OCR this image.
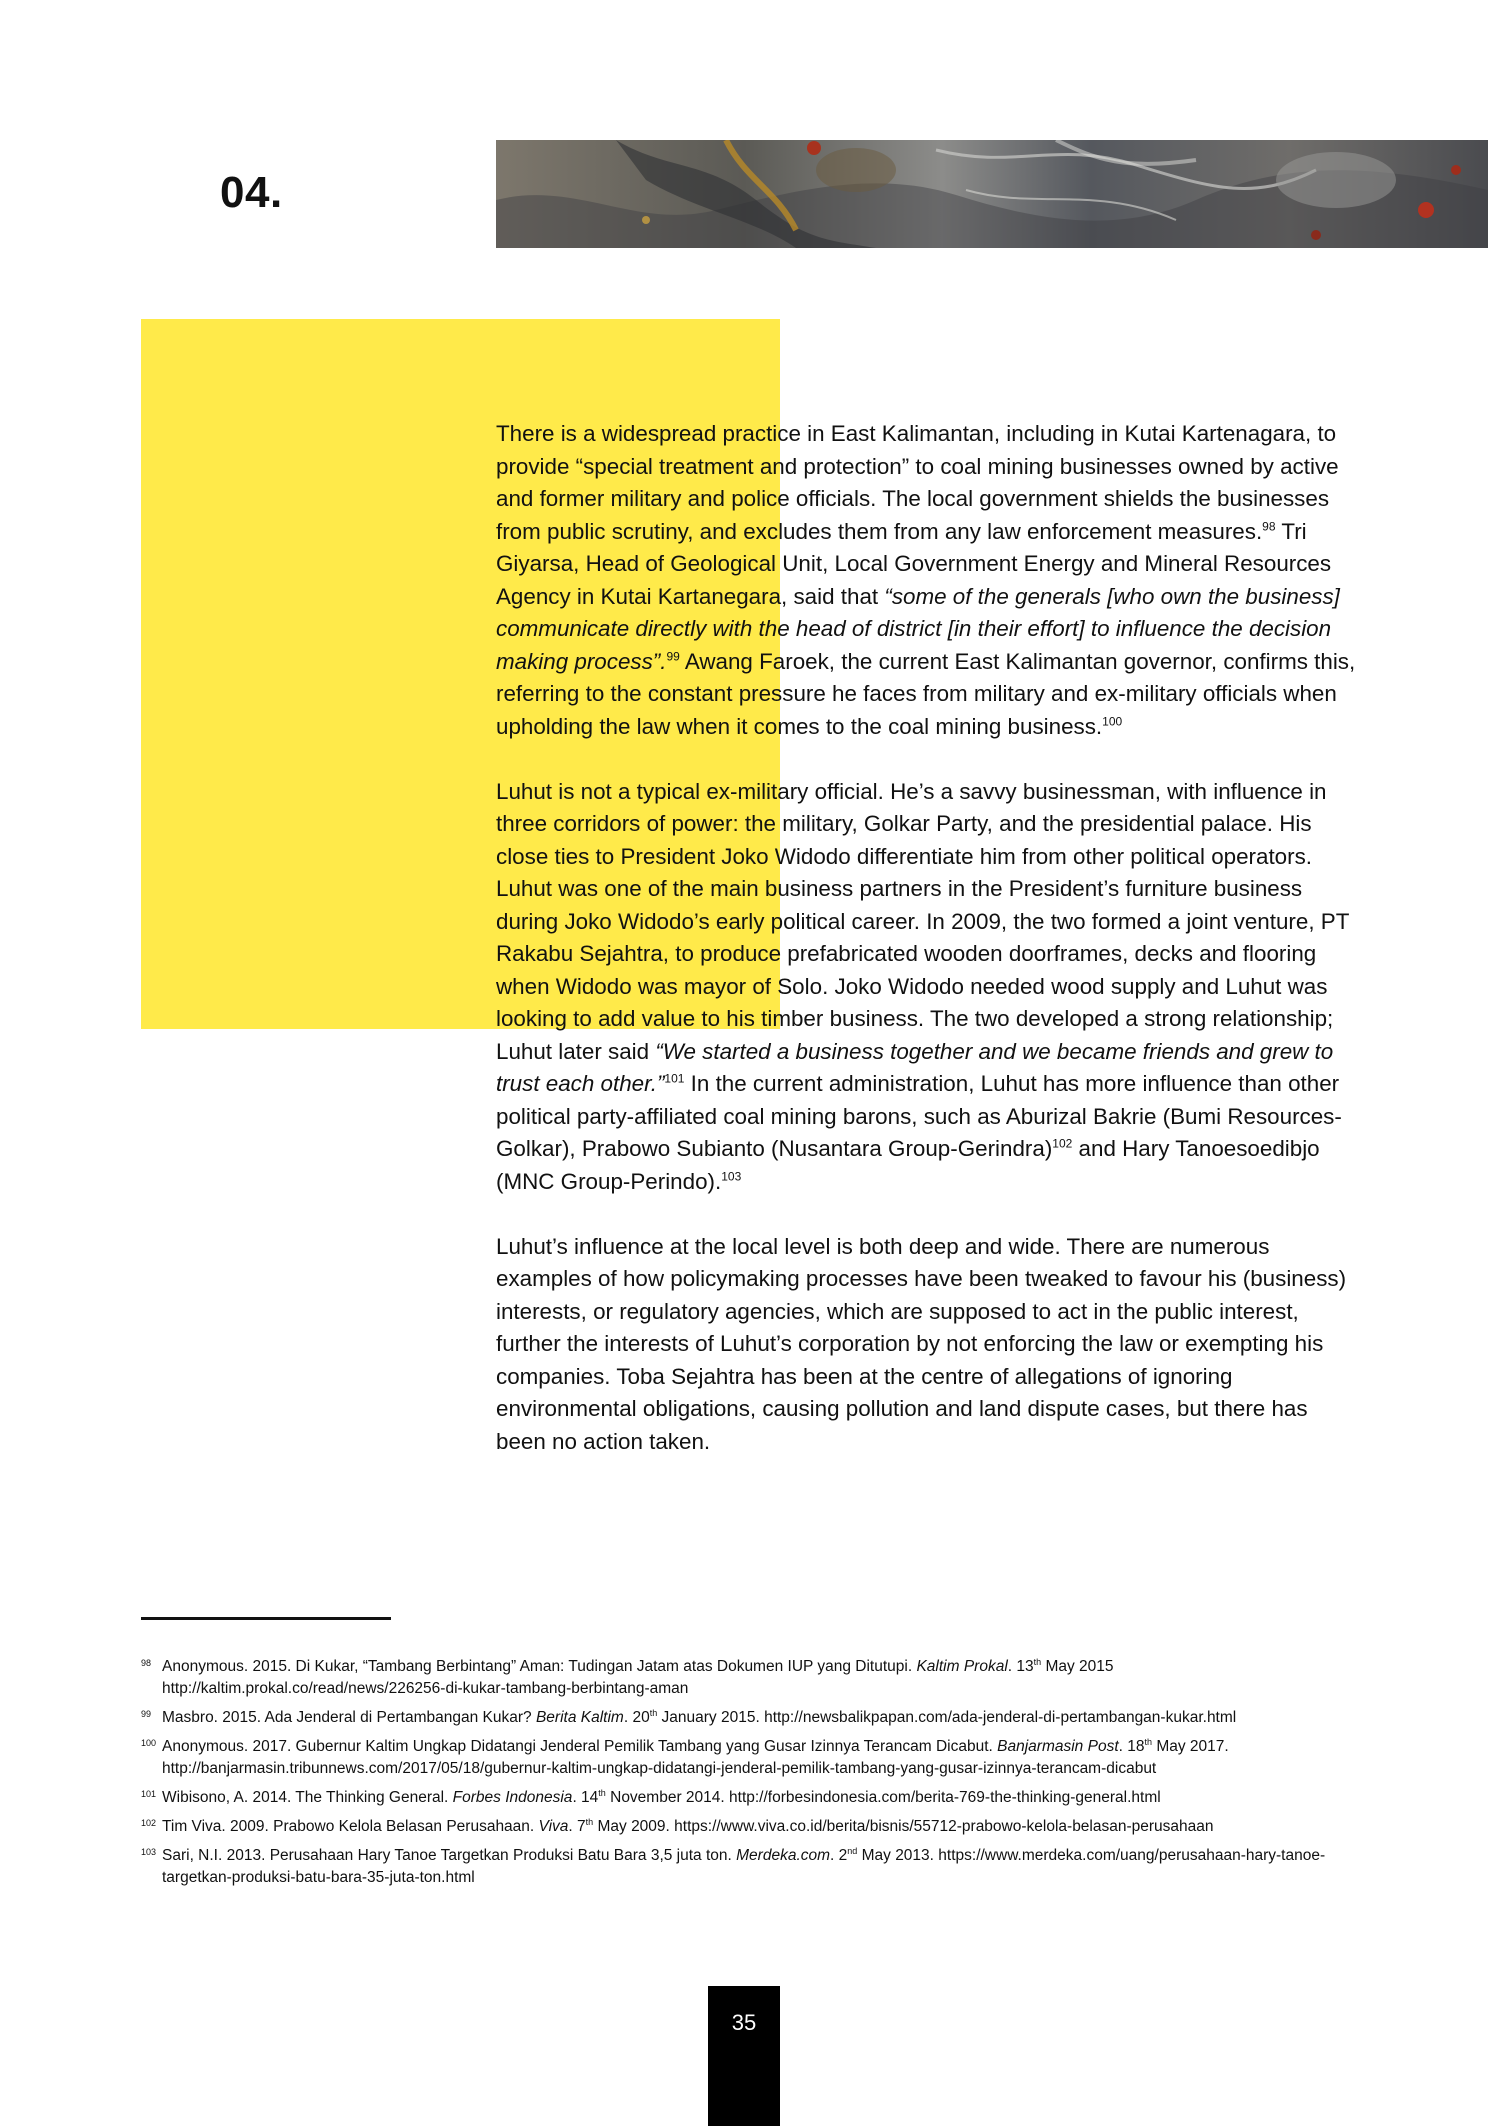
04.

There is a widespread practice in East Kalimantan, including in Kutai Kartenagara, to provide “special treatment and protection” to coal mining businesses owned by active and former military and police officials. The local government shields the businesses from public scrutiny, and excludes them from any law enforcement measures.$^{98}$ Tri Giyarsa, Head of Geological Unit, Local Government Energy and Mineral Resources Agency in Kutai Kartanegara, said that “some of the generals [who own the business] communicate directly with the head of district [in their effort] to influence the decision making process”.$^{99}$ Awang Faroek, the current East Kalimantan governor, confirms this, referring to the constant pressure he faces from military and ex-military officials when upholding the law when it comes to the coal mining business.$^{100}$

Luhut is not a typical ex-military official. He’s a savvy businessman, with influence in three corridors of power: the military, Golkar Party, and the presidential palace. His close ties to President Joko Widodo differentiate him from other political operators. Luhut was one of the main business partners in the President’s furniture business during Joko Widodo’s early political career. In 2009, the two formed a joint venture, PT Rakabu Sejahtra, to produce prefabricated wooden doorframes, decks and flooring when Widodo was mayor of Solo. Joko Widodo needed wood supply and Luhut was looking to add value to his timber business. The two developed a strong relationship; Luhut later said “We started a business together and we became friends and grew to trust each other.”$^{101}$ In the current administration, Luhut has more influence than other political party-affiliated coal mining barons, such as Aburizal Bakrie (Bumi Resources-Golkar), Prabowo Subianto (Nusantara Group-Gerindra)$^{102}$ and Hary Tanoesoedibjo (MNC Group-Perindo).$^{103}$

Luhut’s influence at the local level is both deep and wide. There are numerous examples of how policymaking processes have been tweaked to favour his (business) interests, or regulatory agencies, which are supposed to act in the public interest, further the interests of Luhut’s corporation by not enforcing the law or exempting his companies. Toba Sejahtra has been at the centre of allegations of ignoring environmental obligations, causing pollution and land dispute cases, but there has been no action taken.

98 Anonymous. 2015. Di Kukar, “Tambang Berbintang” Aman: Tudingan Jatam atas Dokumen IUP yang Ditutupi. Kaltim Prokal. 13th May 2015 http://kaltim.prokal.co/read/news/226256-di-kukar-tambang-berbintang-aman
99 Masbro. 2015. Ada Jenderal di Pertambangan Kukar? Berita Kaltim. 20th January 2015. http://newsbalikpapan.com/ada-jenderal-di-pertambangan-kukar.html
100 Anonymous. 2017. Gubernur Kaltim Ungkap Didatangi Jenderal Pemilik Tambang yang Gusar Izinnya Terancam Dicabut. Banjarmasin Post. 18th May 2017. http://banjarmasin.tribunnews.com/2017/05/18/gubernur-kaltim-ungkap-didatangi-jenderal-pemilik-tambang-yang-gusar-izinnya-terancam-dicabut
101 Wibisono, A. 2014. The Thinking General. Forbes Indonesia. 14th November 2014. http://forbesindonesia.com/berita-769-the-thinking-general.html
102 Tim Viva. 2009. Prabowo Kelola Belasan Perusahaan. Viva. 7th May 2009. https://www.viva.co.id/berita/bisnis/55712-prabowo-kelola-belasan-perusahaan
103 Sari, N.I. 2013. Perusahaan Hary Tanoe Targetkan Produksi Batu Bara 3,5 juta ton. Merdeka.com. 2nd May 2013. https://www.merdeka.com/uang/perusahaan-hary-tanoe-targetkan-produksi-batu-bara-35-juta-ton.html
35
